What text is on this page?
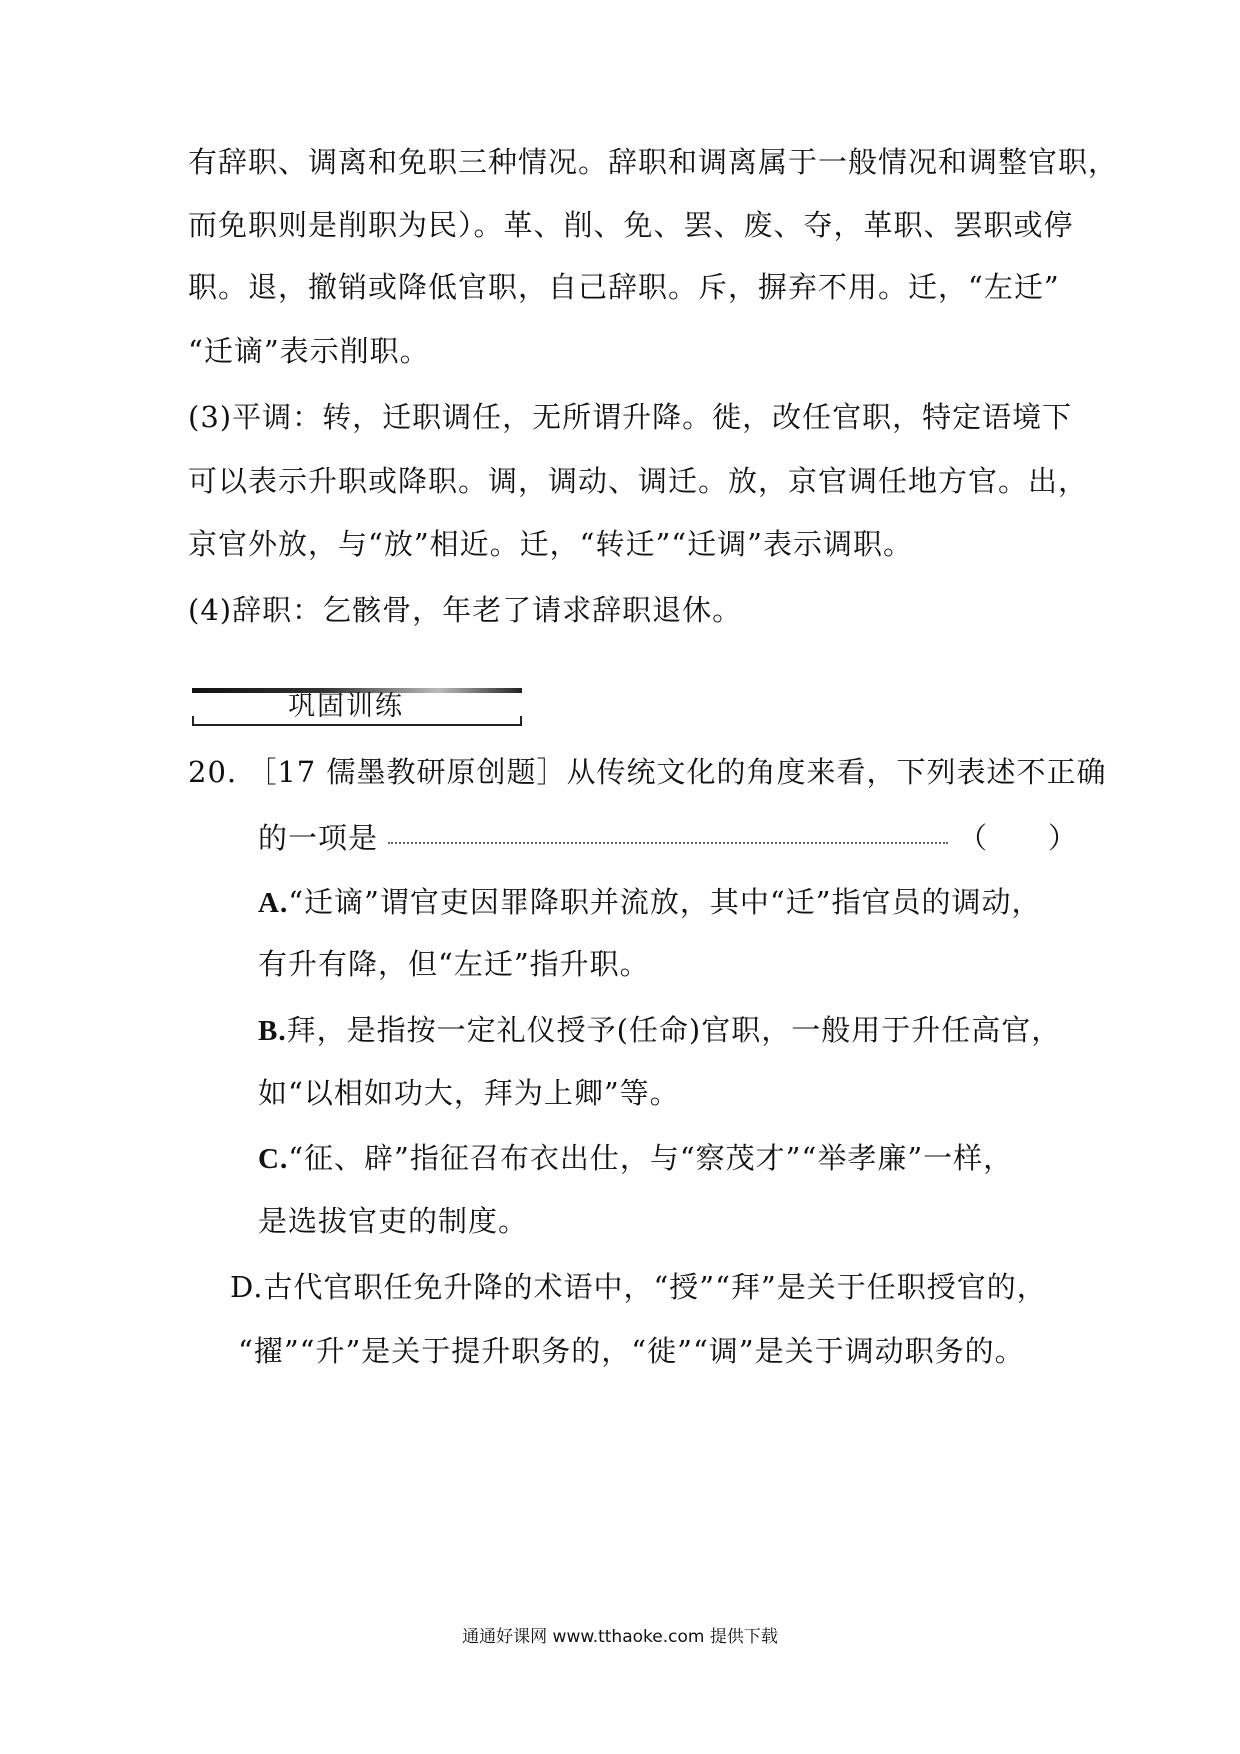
有辞职、调离和免职三种情况。辞职和调离属于一般情况和调整官职，
而免职则是削职为民）。革、削、免、罢、废、夺，革职、罢职或停
职。退，撤销或降低官职，自己辞职。斥，摒弃不用。迁，“左迁”
“迁谪”表示削职。
(3)平调：转，迁职调任，无所谓升降。徙，改任官职，特定语境下
可以表示升职或降职。调，调动、调迁。放，京官调任地方官。出，
京官外放，与“放”相近。迁，“转迁”“迁调”表示调职。
(4)辞职：乞骸骨，年老了请求辞职退休。
巩固训练
20. ［17 儒墨教研原创题］从传统文化的角度来看，下列表述不正确
的一项是	（　　）
A.“迁谪”谓官吏因罪降职并流放，其中“迁”指官员的调动，
有升有降，但“左迁”指升职。
B.拜，是指按一定礼仪授予(任命)官职，一般用于升任高官，
如“以相如功大，拜为上卿”等。
C.“征、辟”指征召布衣出仕，与“察茂才”“举孝廉”一样，
是选拔官吏的制度。
D.古代官职任免升降的术语中，“授”“拜”是关于任职授官的，
“擢”“升”是关于提升职务的，“徙”“调”是关于调动职务的。
通通好课网 www.tthaoke.com 提供下载
